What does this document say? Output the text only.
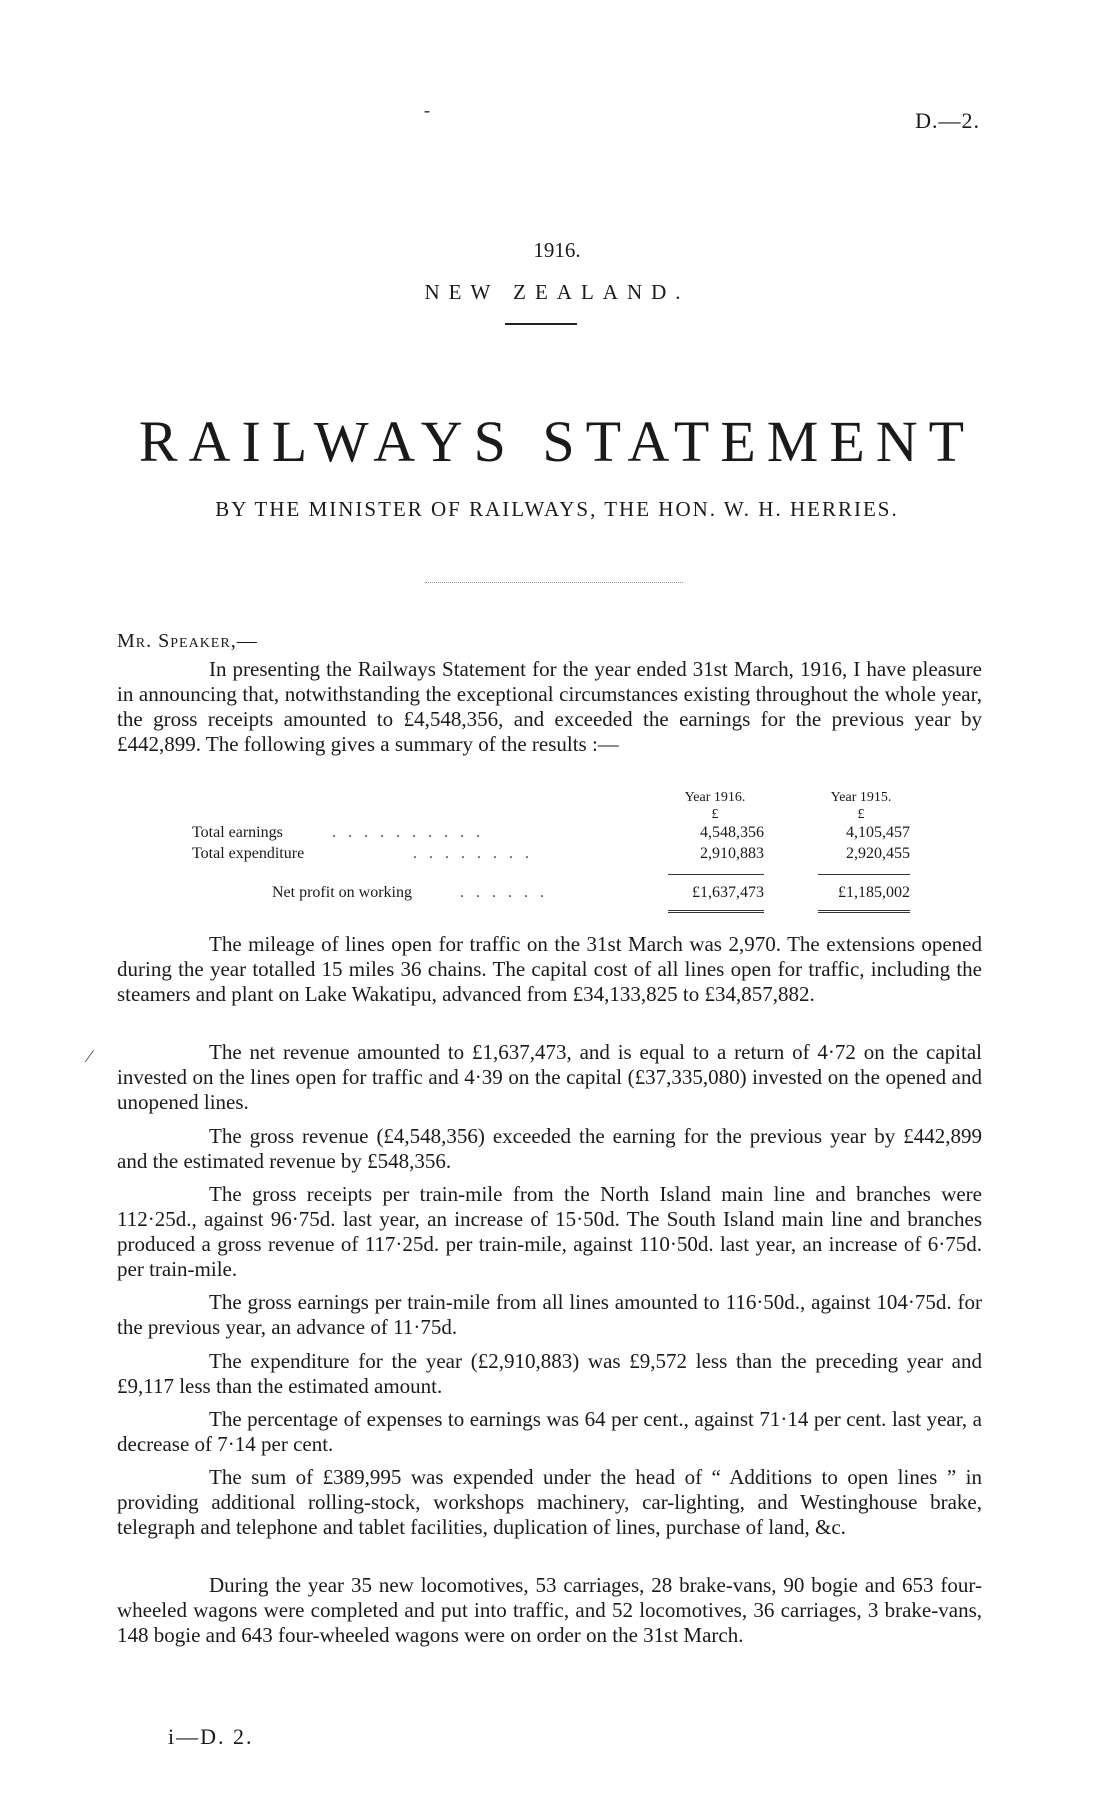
-	D.—2.
1916.
NEW ZEALAND.
RAILWAYS STATEMENT
BY THE MINISTER OF RAILWAYS, THE HON. W. H. HERRIES.
Mr. Speaker,—

In presenting the Railways Statement for the year ended 31st March, 1916, I have pleasure in announcing that, notwithstanding the exceptional circumstances existing throughout the whole year, the gross receipts amounted to £4,548,356, and exceeded the earnings for the previous year by £442,899. The following gives a summary of the results :—

Year 1916.	Year 1915.
£	£
Total earnings	. . . . . . . . . .	4,548,356	4,105,457
Total expenditure	. . . . . . . .	2,910,883	2,920,455
Net profit on working	. . . . . .	£1,637,473	£1,185,002

The mileage of lines open for traffic on the 31st March was 2,970. The extensions opened during the year totalled 15 miles 36 chains. The capital cost of all lines open for traffic, including the steamers and plant on Lake Wakatipu, advanced from £34,133,825 to £34,857,882.

The net revenue amounted to £1,637,473, and is equal to a return of 4·72 on the capital invested on the lines open for traffic and 4·39 on the capital (£37,335,080) invested on the opened and unopened lines.

The gross revenue (£4,548,356) exceeded the earning for the previous year by £442,899 and the estimated revenue by £548,356.

The gross receipts per train-mile from the North Island main line and branches were 112·25d., against 96·75d. last year, an increase of 15·50d. The South Island main line and branches produced a gross revenue of 117·25d. per train-mile, against 110·50d. last year, an increase of 6·75d. per train-mile.

The gross earnings per train-mile from all lines amounted to 116·50d., against 104·75d. for the previous year, an advance of 11·75d.

The expenditure for the year (£2,910,883) was £9,572 less than the preceding year and £9,117 less than the estimated amount.

The percentage of expenses to earnings was 64 per cent., against 71·14 per cent. last year, a decrease of 7·14 per cent.

The sum of £389,995 was expended under the head of “ Additions to open lines ” in providing additional rolling-stock, workshops machinery, car-lighting, and Westinghouse brake, telegraph and telephone and tablet facilities, duplication of lines, purchase of land, &c.

During the year 35 new locomotives, 53 carriages, 28 brake-vans, 90 bogie and 653 four-wheeled wagons were completed and put into traffic, and 52 locomotives, 36 carriages, 3 brake-vans, 148 bogie and 643 four-wheeled wagons were on order on the 31st March.

⁄
i—D. 2.
